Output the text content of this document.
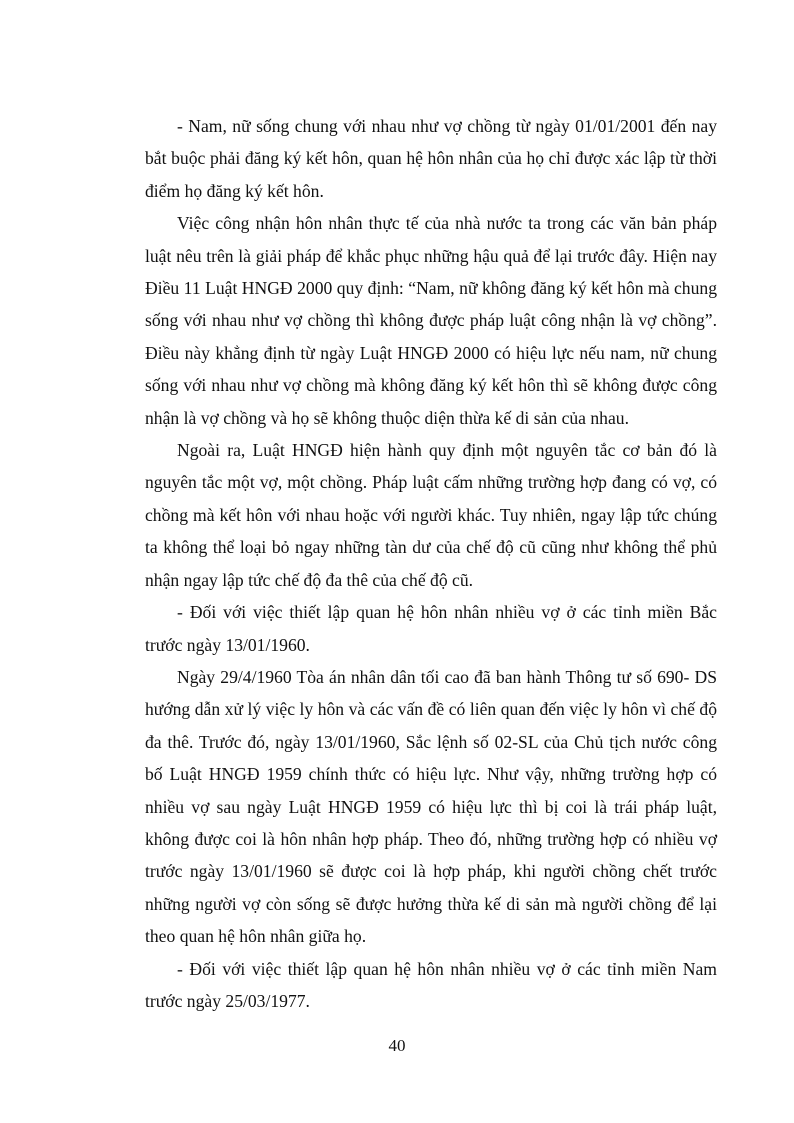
- Nam, nữ sống chung với nhau như vợ chồng từ ngày 01/01/2001 đến nay bắt buộc phải đăng ký kết hôn, quan hệ hôn nhân của họ chỉ được xác lập từ thời điểm họ đăng ký kết hôn.

Việc công nhận hôn nhân thực tế của nhà nước ta trong các văn bản pháp luật nêu trên là giải pháp để khắc phục những hậu quả để lại trước đây. Hiện nay Điều 11 Luật HNGĐ 2000 quy định: “Nam, nữ không đăng ký kết hôn mà chung sống với nhau như vợ chồng thì không được pháp luật công nhận là vợ chồng”. Điều này khẳng định từ ngày Luật HNGĐ 2000 có hiệu lực nếu nam, nữ chung sống với nhau như vợ chồng mà không đăng ký kết hôn thì sẽ không được công nhận là vợ chồng và họ sẽ không thuộc diện thừa kế di sản của nhau.

Ngoài ra, Luật HNGĐ hiện hành quy định một nguyên tắc cơ bản đó là nguyên tắc một vợ, một chồng. Pháp luật cấm những trường hợp đang có vợ, có chồng mà kết hôn với nhau hoặc với người khác. Tuy nhiên, ngay lập tức chúng ta không thể loại bỏ ngay những tàn dư của chế độ cũ cũng như không thể phủ nhận ngay lập tức chế độ đa thê của chế độ cũ.

- Đối với việc thiết lập quan hệ hôn nhân nhiều vợ ở các tỉnh miền Bắc trước ngày 13/01/1960.

Ngày 29/4/1960 Tòa án nhân dân tối cao đã ban hành Thông tư số 690- DS hướng dẫn xử lý việc ly hôn và các vấn đề có liên quan đến việc ly hôn vì chế độ đa thê. Trước đó, ngày 13/01/1960, Sắc lệnh số 02-SL của Chủ tịch nước công bố Luật HNGĐ 1959 chính thức có hiệu lực. Như vậy, những trường hợp có nhiều vợ sau ngày Luật HNGĐ 1959 có hiệu lực thì bị coi là trái pháp luật, không được coi là hôn nhân hợp pháp. Theo đó, những trường hợp có nhiều vợ trước ngày 13/01/1960 sẽ được coi là hợp pháp, khi người chồng chết trước những người vợ còn sống sẽ được hưởng thừa kế di sản mà người chồng để lại theo quan hệ hôn nhân giữa họ.

- Đối với việc thiết lập quan hệ hôn nhân nhiều vợ ở các tỉnh miền Nam trước ngày 25/03/1977.

40
